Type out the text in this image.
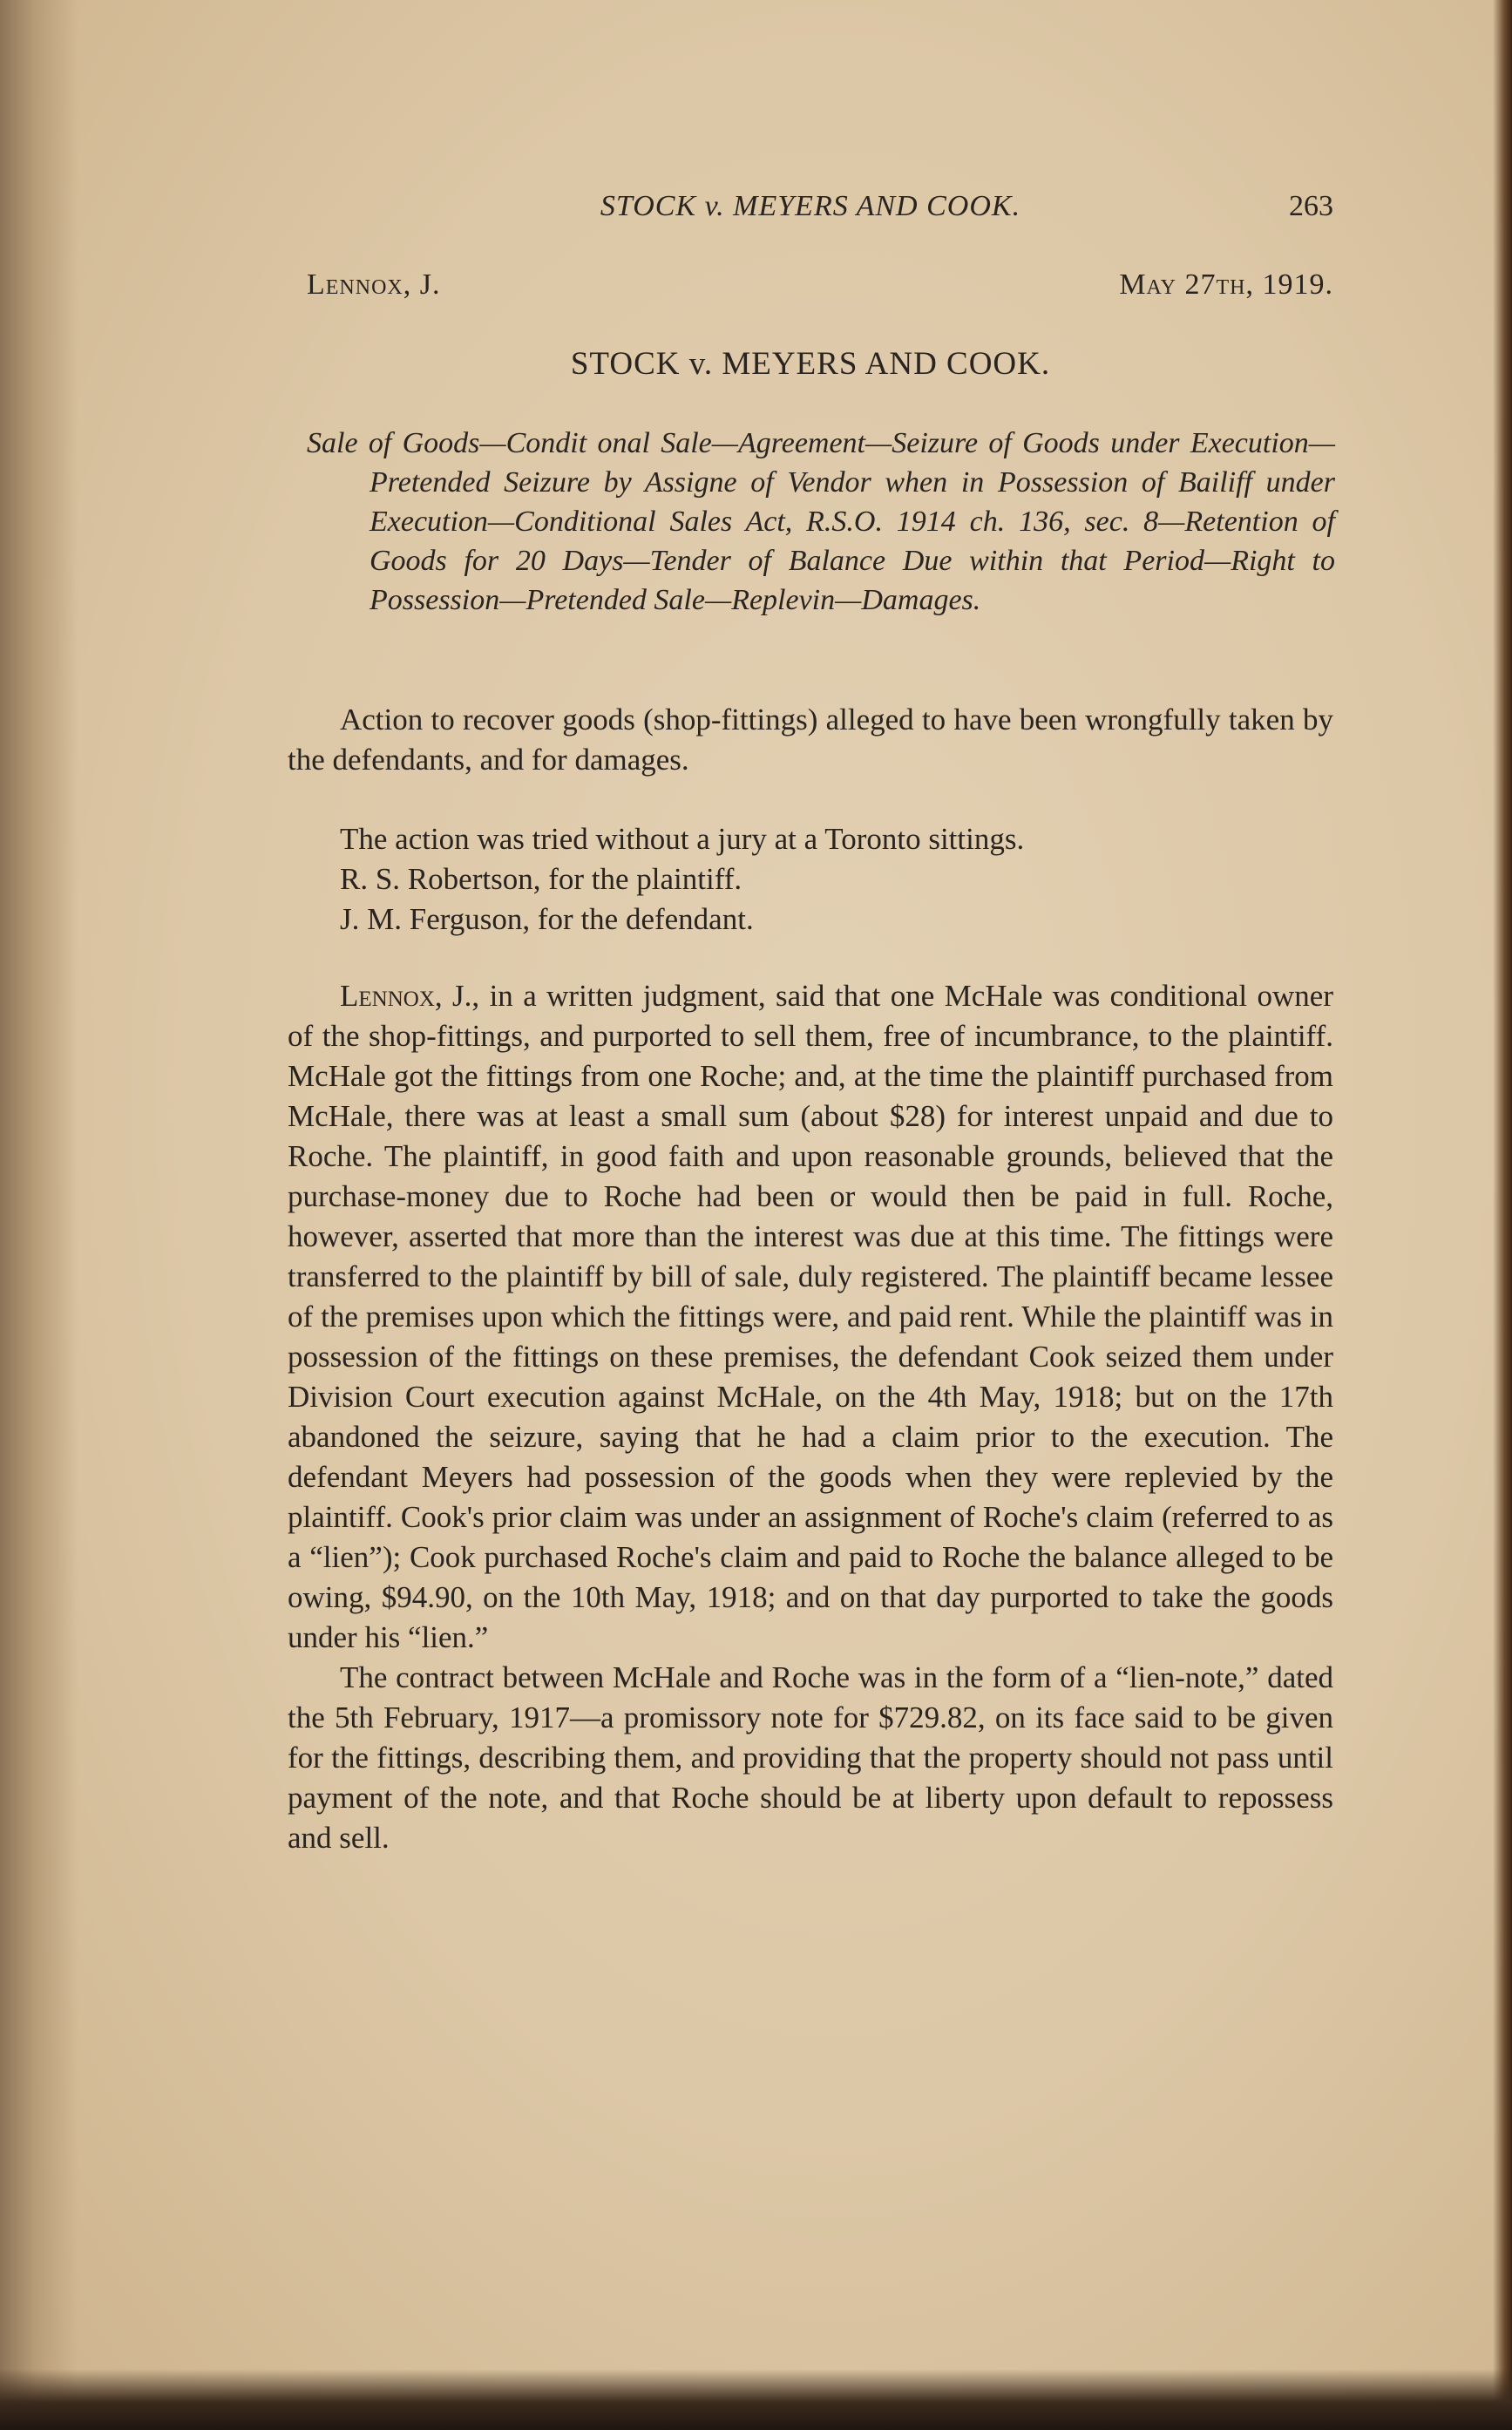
STOCK v. MEYERS AND COOK.	263
Lennox, J.	May 27th, 1919.
STOCK v. MEYERS AND COOK.
Sale of Goods—Condit onal Sale—Agreement—Seizure of Goods under Execution—Pretended Seizure by Assigne of Vendor when in Possession of Bailiff under Execution—Conditional Sales Act, R.S.O. 1914 ch. 136, sec. 8—Retention of Goods for 20 Days—Tender of Balance Due within that Period—Right to Possession—Pretended Sale—Replevin—Damages.

Action to recover goods (shop-fittings) alleged to have been wrongfully taken by the defendants, and for damages.

The action was tried without a jury at a Toronto sittings.

R. S. Robertson, for the plaintiff.

J. M. Ferguson, for the defendant.

Lennox, J., in a written judgment, said that one McHale was conditional owner of the shop-fittings, and purported to sell them, free of incumbrance, to the plaintiff. McHale got the fittings from one Roche; and, at the time the plaintiff purchased from McHale, there was at least a small sum (about $28) for interest unpaid and due to Roche. The plaintiff, in good faith and upon reasonable grounds, believed that the purchase-money due to Roche had been or would then be paid in full. Roche, however, asserted that more than the interest was due at this time. The fittings were transferred to the plaintiff by bill of sale, duly registered. The plaintiff became lessee of the premises upon which the fittings were, and paid rent. While the plaintiff was in possession of the fittings on these premises, the defendant Cook seized them under Division Court execution against McHale, on the 4th May, 1918; but on the 17th abandoned the seizure, saying that he had a claim prior to the execution. The defendant Meyers had possession of the goods when they were replevied by the plaintiff. Cook's prior claim was under an assignment of Roche's claim (referred to as a “lien”); Cook purchased Roche's claim and paid to Roche the balance alleged to be owing, $94.90, on the 10th May, 1918; and on that day purported to take the goods under his “lien.”

The contract between McHale and Roche was in the form of a “lien-note,” dated the 5th February, 1917—a promissory note for $729.82, on its face said to be given for the fittings, describing them, and providing that the property should not pass until payment of the note, and that Roche should be at liberty upon default to repossess and sell.
